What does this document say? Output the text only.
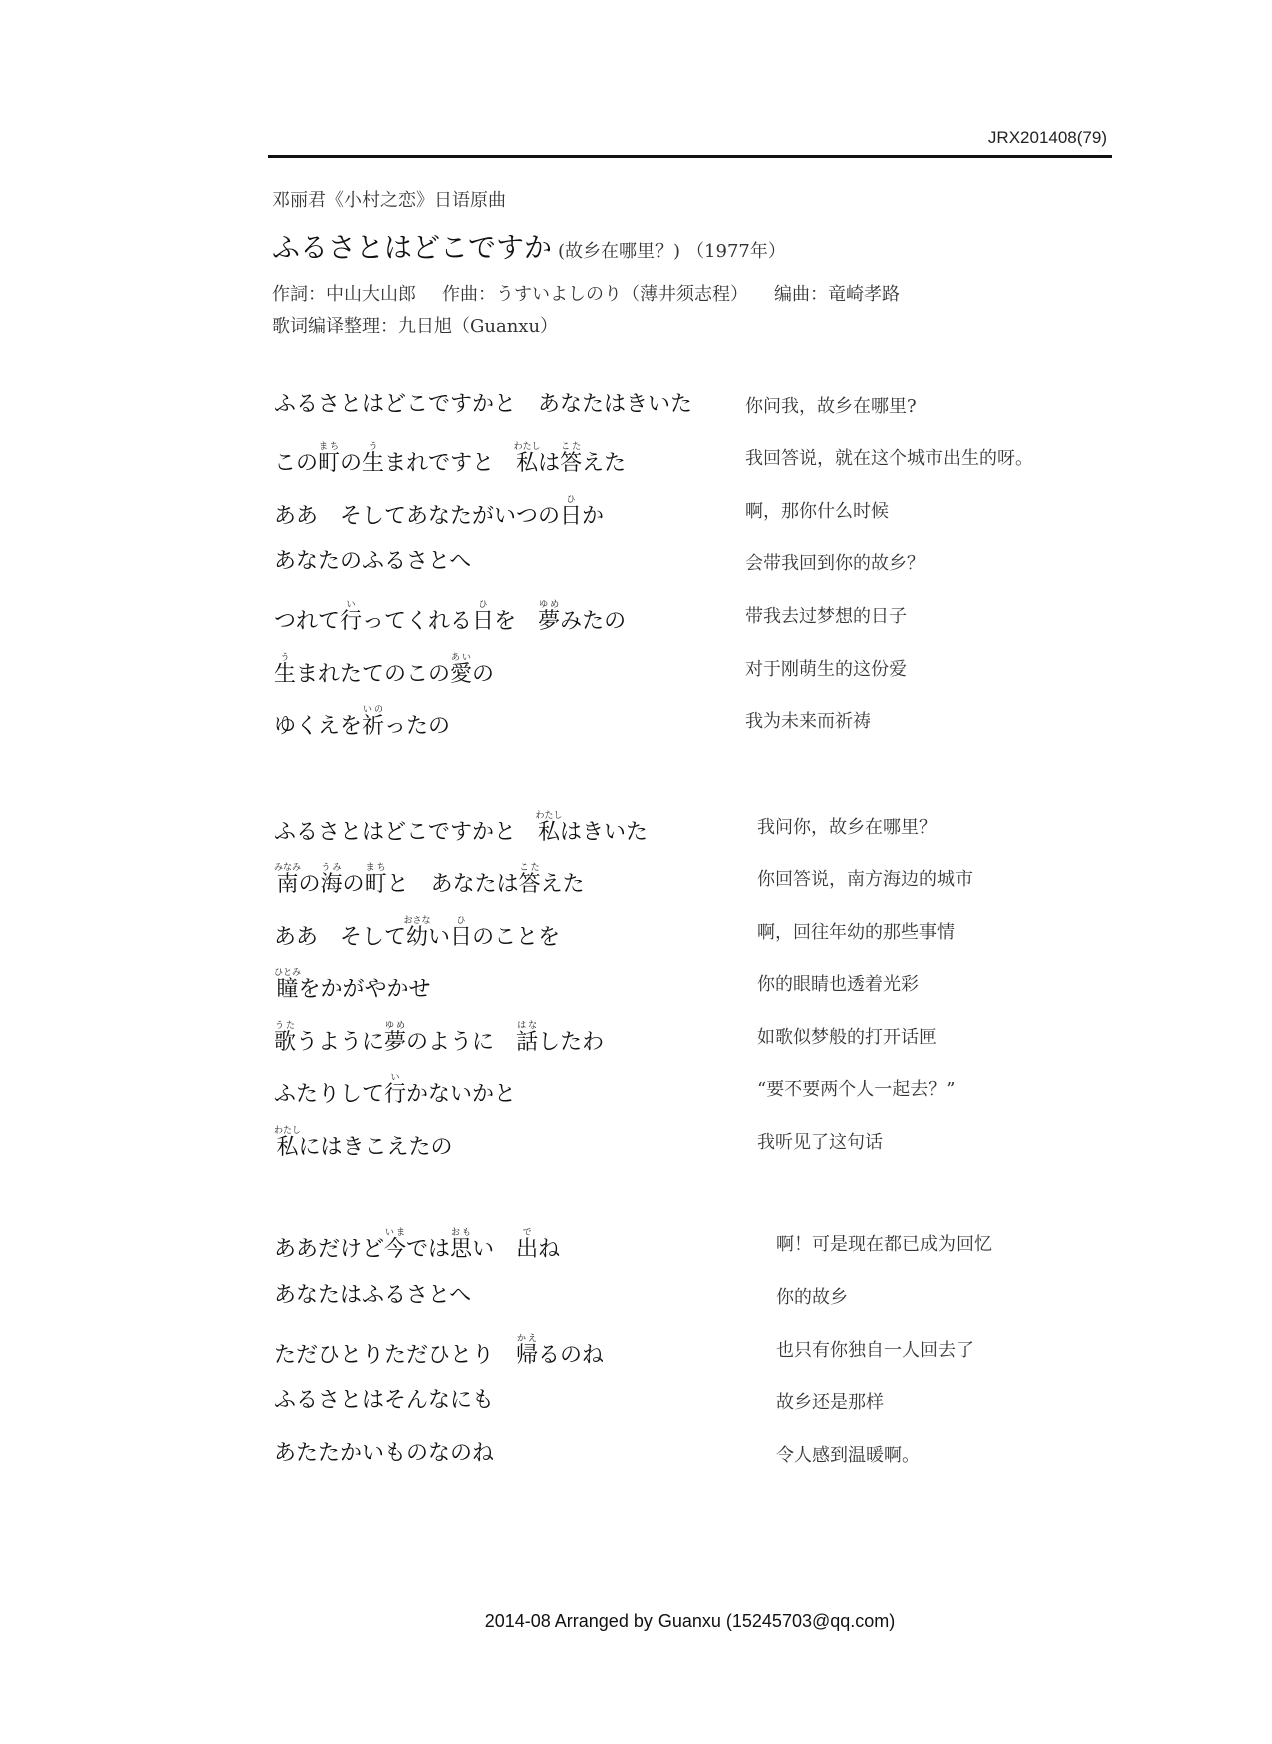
JRX201408(79)
邓丽君《小村之恋》日语原曲
ふるさとはどこですか (故乡在哪里？) （1977年）
作詞：中山大山郎 作曲：うすいよしのり（薄井须志程） 编曲：竜崎孝路
歌词编译整理：九日旭（Guanxu）
ふるさとはどこですかと　あなたはきいた	你问我，故乡在哪里?
この町まちの生うまれですと　私わたしは答こたえた	我回答说，就在这个城市出生的呀。
ああ　そしてあなたがいつの日ひか	啊，那你什么时候
あなたのふるさとへ	会带我回到你的故乡？
つれて行いってくれる日ひを　夢ゆめみたの	带我去过梦想的日子
生うまれたてのこの愛あいの	对于刚萌生的这份爱
ゆくえを祈いのったの	我为未来而祈祷
ふるさとはどこですかと　私わたしはきいた	我问你，故乡在哪里？
南みなみの海うみの町まちと　あなたは答こたえた	你回答说，南方海边的城市
ああ　そして幼おさない日ひのことを	啊，回往年幼的那些事情
瞳ひとみをかがやかせ	你的眼睛也透着光彩
歌うたうように夢ゆめのように　話はなしたわ	如歌似梦般的打开话匣
ふたりして行いかないかと	“要不要两个人一起去？”
私わたしにはきこえたの	我听见了这句话
ああだけど今いまでは思おもい　出でね	啊！可是现在都已成为回忆
あなたはふるさとへ	你的故乡
ただひとりただひとり　帰かえるのね	也只有你独自一人回去了
ふるさとはそんなにも	故乡还是那样
あたたかいものなのね	令人感到温暖啊。
2014-08 Arranged by Guanxu (15245703@qq.com)
